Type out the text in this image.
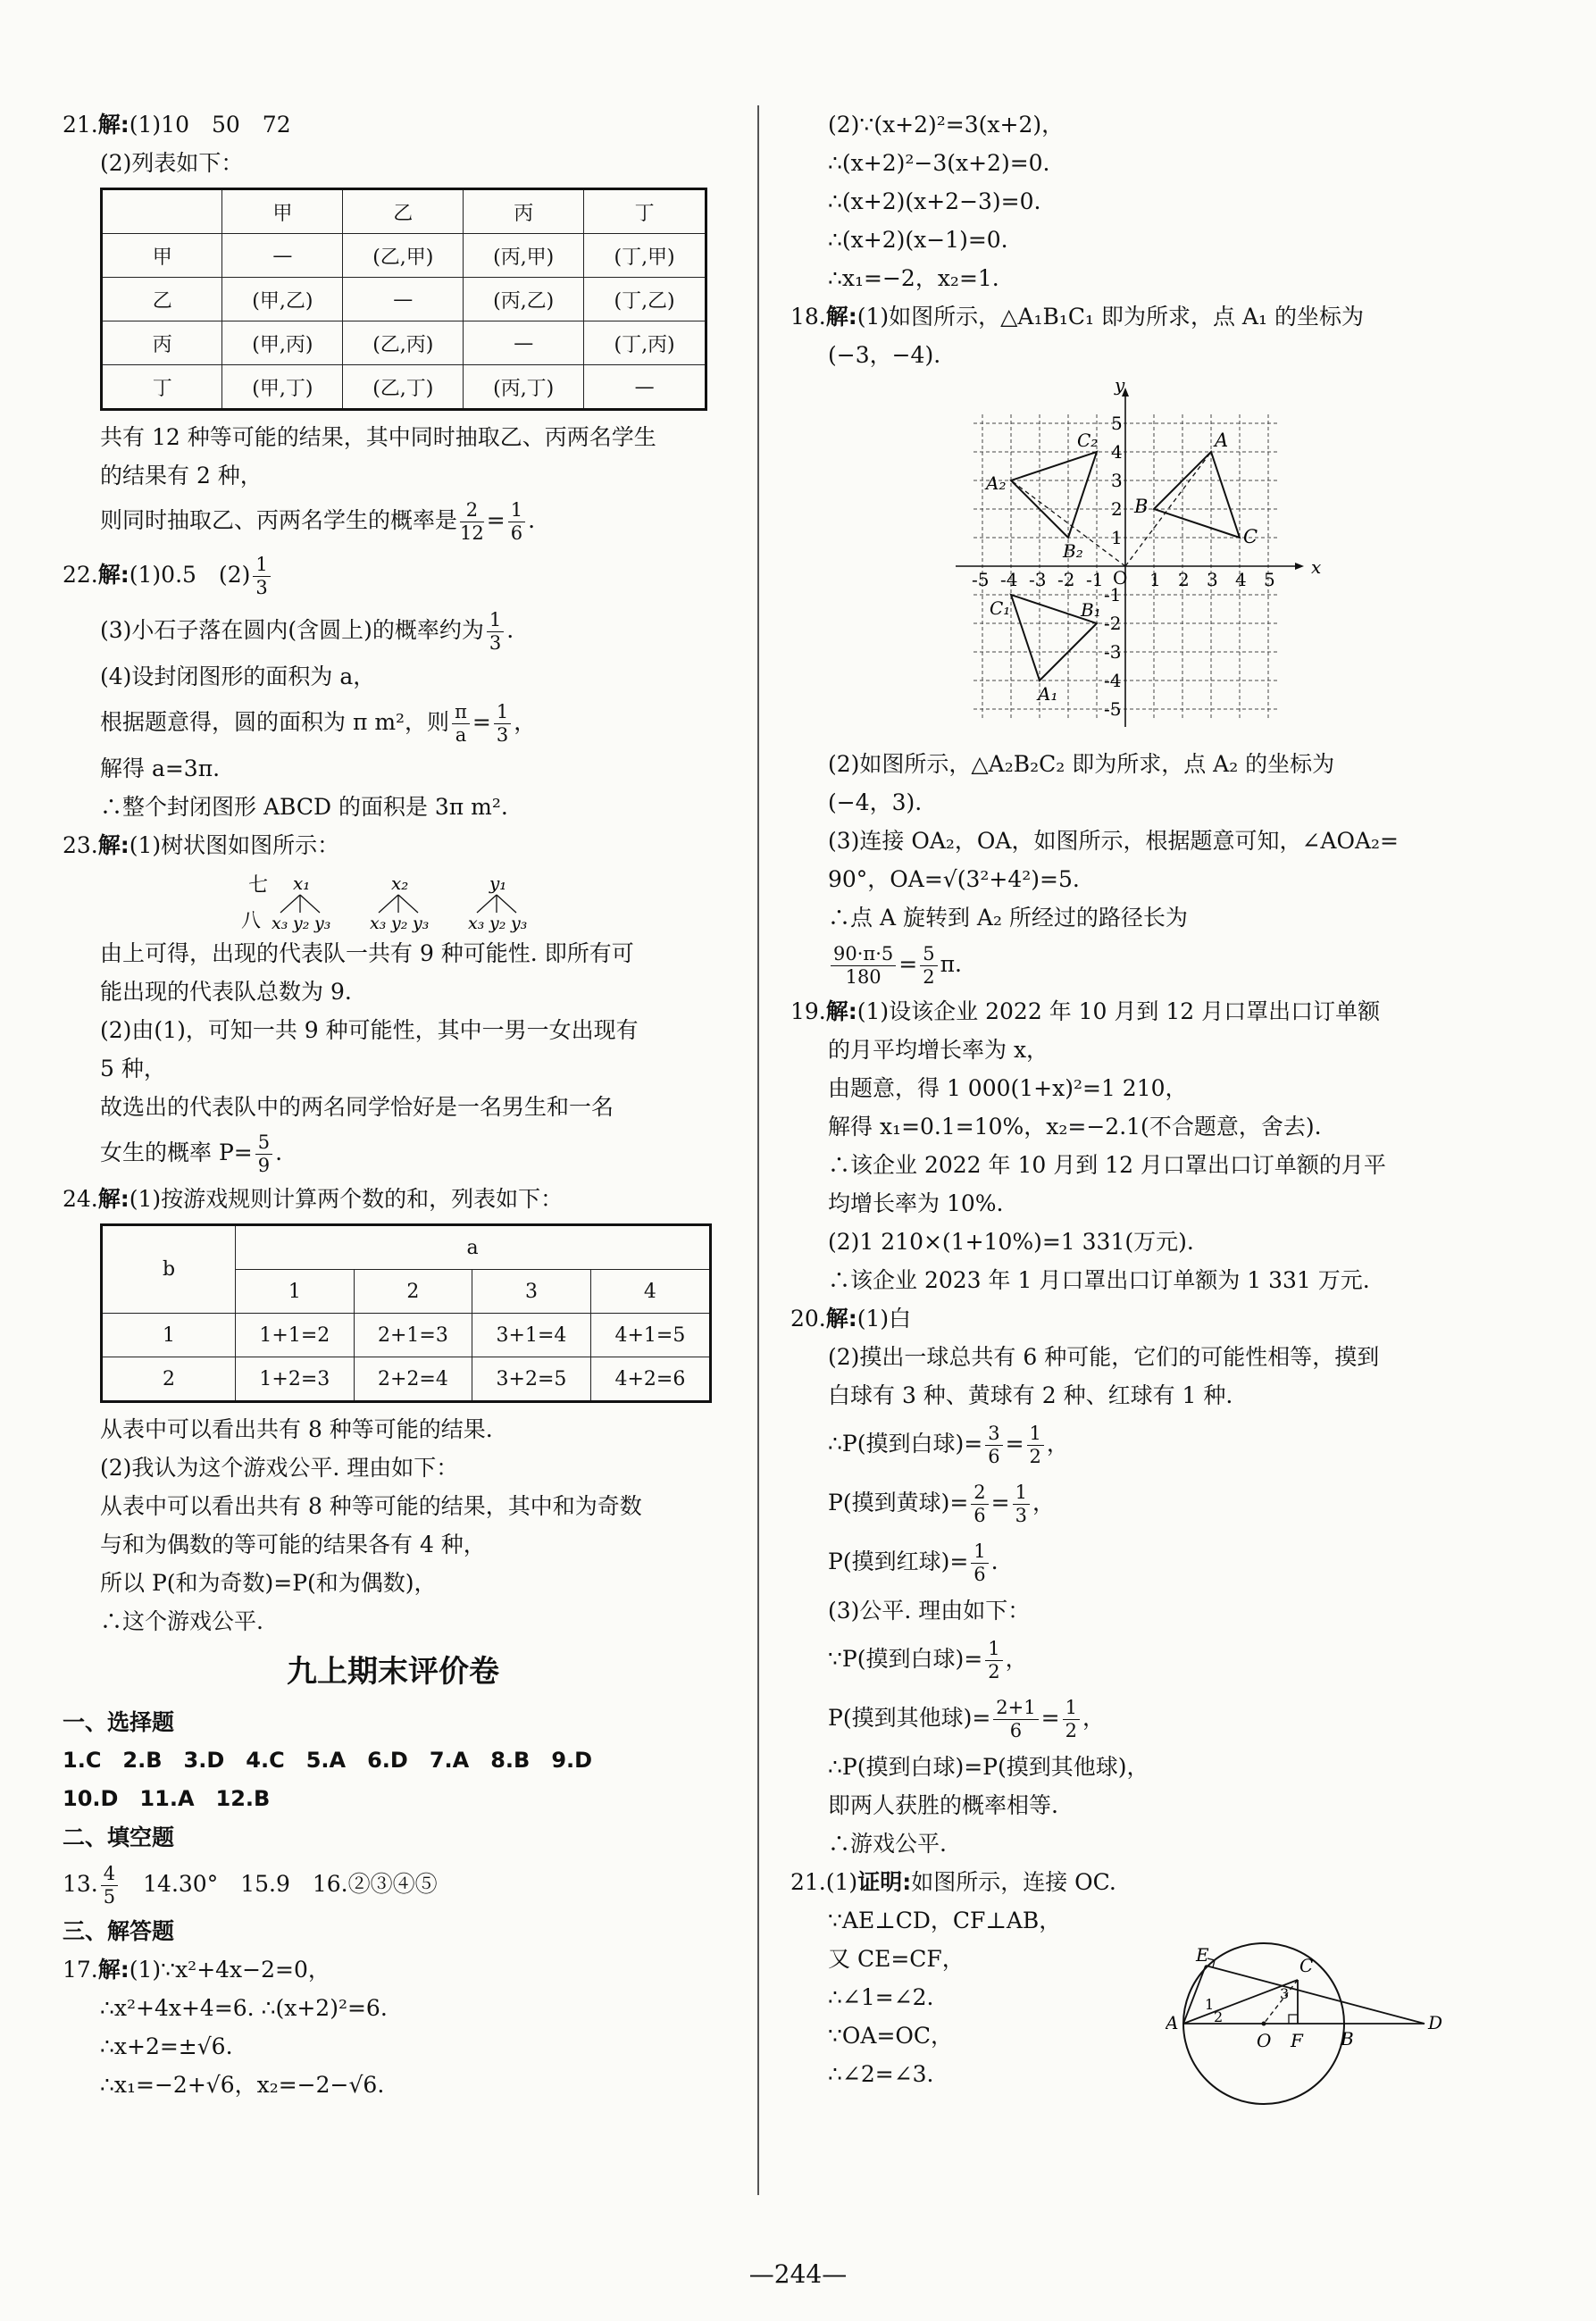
21.解:(1)10　50　72
(2)列表如下：
	甲	乙	丙	丁
甲	—	(乙,甲)	(丙,甲)	(丁,甲)
乙	(甲,乙)	—	(丙,乙)	(丁,乙)
丙	(甲,丙)	(乙,丙)	—	(丁,丙)
丁	(甲,丁)	(乙,丁)	(丙,丁)	—
共有 12 种等可能的结果，其中同时抽取乙、丙两名学生
的结果有 2 种，
则同时抽取乙、丙两名学生的概率是 $\frac{2}{12} = \frac{1}{6}$ .
22.解:(1)0.5　$(2) \frac{1}{3}$
(3)小石子落在圆内(含圆上)的概率约为 $\frac{1}{3}$ .
(4)设封闭图形的面积为 a，
根据题意得，圆的面积为 π m²，则 $\frac{\pi}{a} = \frac{1}{3}$ ，
解得 a=3π.
∴整个封闭图形 ABCD 的面积是 3π m².
23.解:(1)树状图如图所示：
七
八
x₁
x₃ y₂ y₃
x₂
x₃ y₂ y₃
y₁
x₃ y₂ y₃
由上可得，出现的代表队一共有 9 种可能性. 即所有可
能出现的代表队总数为 9.
(2)由(1)，可知一共 9 种可能性，其中一男一女出现有
5 种，
故选出的代表队中的两名同学恰好是一名男生和一名
女生的概率 $P= \frac{5}{9}$ .
24.解:(1)按游戏规则计算两个数的和，列表如下：
b	a			
	1	2	3	4
1	1+1=2	2+1=3	3+1=4	4+1=5
2	1+2=3	2+2=4	3+2=5	4+2=6
从表中可以看出共有 8 种等可能的结果.
(2)我认为这个游戏公平. 理由如下：
从表中可以看出共有 8 种等可能的结果，其中和为奇数
与和为偶数的等可能的结果各有 4 种，
所以 P(和为奇数)=P(和为偶数)，
∴这个游戏公平.
九上期末评价卷
一、选择题
1.C　2.B　3.D　4.C　5.A　6.D　7.A　8.B　9.D
10.D　11.A　12.B
二、填空题
13. $\frac{4}{5}$ 　14.30°　15.9　16.②③④⑤
三、解答题
17.解:(1)∵x²+4x−2=0，
∴x²+4x+4=6. ∴(x+2)²=6.
∴x+2=±√6.
∴x₁=−2+√6，x₂=−2−√6.
(2)∵(x+2)²=3(x+2)，
∴(x+2)²−3(x+2)=0.
∴(x+2)(x+2−3)=0.
∴(x+2)(x−1)=0.
∴x₁=−2，x₂=1.
18.解:(1)如图所示，△A₁B₁C₁ 即为所求，点 A₁ 的坐标为
(−3，−4).
x
y
O
-5 -4 -3 -2 -1	1 2 3 4 5
5
4
3
2
1
-1
-2
-3
-4
-5
A
B
C
A₁
B₁
C₁
A₂
B₂
C₂
(2)如图所示，△A₂B₂C₂ 即为所求，点 A₂ 的坐标为
(−4，3).
(3)连接 OA₂，OA，如图所示，根据题意可知，∠AOA₂=
90°，OA=√(3²+4²)=5.
∴点 A 旋转到 A₂ 所经过的路径长为
$\frac{90\cdot\pi\cdot 5}{180} = \frac{5}{2} \pi$.
19.解:(1)设该企业 2022 年 10 月到 12 月口罩出口订单额
的月平均增长率为 x，
由题意，得 1 000(1+x)²=1 210，
解得 x₁=0.1=10%，x₂=−2.1(不合题意，舍去).
∴该企业 2022 年 10 月到 12 月口罩出口订单额的月平
均增长率为 10%.
(2)1 210×(1+10%)=1 331(万元).
∴该企业 2023 年 1 月口罩出口订单额为 1 331 万元.
20.解:(1)白
(2)摸出一球总共有 6 种可能，它们的可能性相等，摸到
白球有 3 种、黄球有 2 种、红球有 1 种.
∴P(摸到白球)= $\frac{3}{6} = \frac{1}{2}$ ，
P(摸到黄球)= $\frac{2}{6} = \frac{1}{3}$ ，
P(摸到红球)= $\frac{1}{6}$ .
(3)公平. 理由如下：
∵P(摸到白球)= $\frac{1}{2}$ ，
P(摸到其他球)= $\frac{2+1}{6} = \frac{1}{2}$ ，
∴P(摸到白球)=P(摸到其他球)，
即两人获胜的概率相等.
∴游戏公平.
21.(1)证明:如图所示，连接 OC.
∵AE⊥CD，CF⊥AB，
又 CE=CF，
∴∠1=∠2.
∵OA=OC，
∴∠2=∠3.
E	C
A
O F B
D
1
2
3
—244—
